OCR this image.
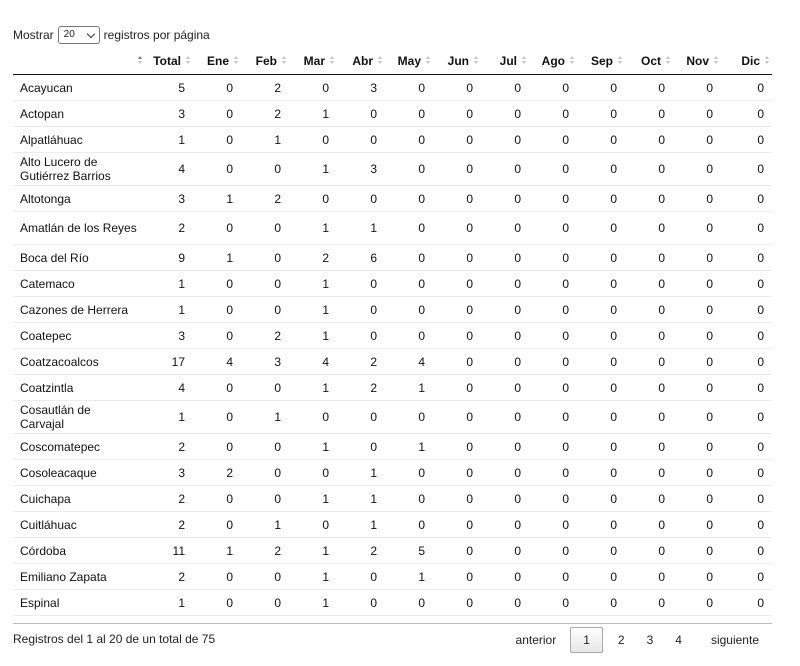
Mostrar	20	registros por página
	Total	Ene	Feb	Mar	Abr	May	Jun	Jul	Ago	Sep	Oct	Nov	Dic

Acayucan	5	0	2	0	3	0	0	0	0	0	0	0	0
Actopan	3	0	2	1	0	0	0	0	0	0	0	0	0
Alpatláhuac	1	0	1	0	0	0	0	0	0	0	0	0	0
Alto Lucero de Gutiérrez Barrios	4	0	0	1	3	0	0	0	0	0	0	0	0
Altotonga	3	1	2	0	0	0	0	0	0	0	0	0	0
Amatlán de los Reyes	2	0	0	1	1	0	0	0	0	0	0	0	0
Boca del Río	9	1	0	2	6	0	0	0	0	0	0	0	0
Catemaco	1	0	0	1	0	0	0	0	0	0	0	0	0
Cazones de Herrera	1	0	0	1	0	0	0	0	0	0	0	0	0
Coatepec	3	0	2	1	0	0	0	0	0	0	0	0	0
Coatzacoalcos	17	4	3	4	2	4	0	0	0	0	0	0	0
Coatzintla	4	0	0	1	2	1	0	0	0	0	0	0	0
Cosautlán de Carvajal	1	0	1	0	0	0	0	0	0	0	0	0	0
Coscomatepec	2	0	0	1	0	1	0	0	0	0	0	0	0
Cosoleacaque	3	2	0	0	1	0	0	0	0	0	0	0	0
Cuichapa	2	0	0	1	1	0	0	0	0	0	0	0	0
Cuitláhuac	2	0	1	0	1	0	0	0	0	0	0	0	0
Córdoba	11	1	2	1	2	5	0	0	0	0	0	0	0
Emiliano Zapata	2	0	0	1	0	1	0	0	0	0	0	0	0
Espinal	1	0	0	1	0	0	0	0	0	0	0	0	0
Registros del 1 al 20 de un total de 75	anterior	1	2	3	4	siguiente
